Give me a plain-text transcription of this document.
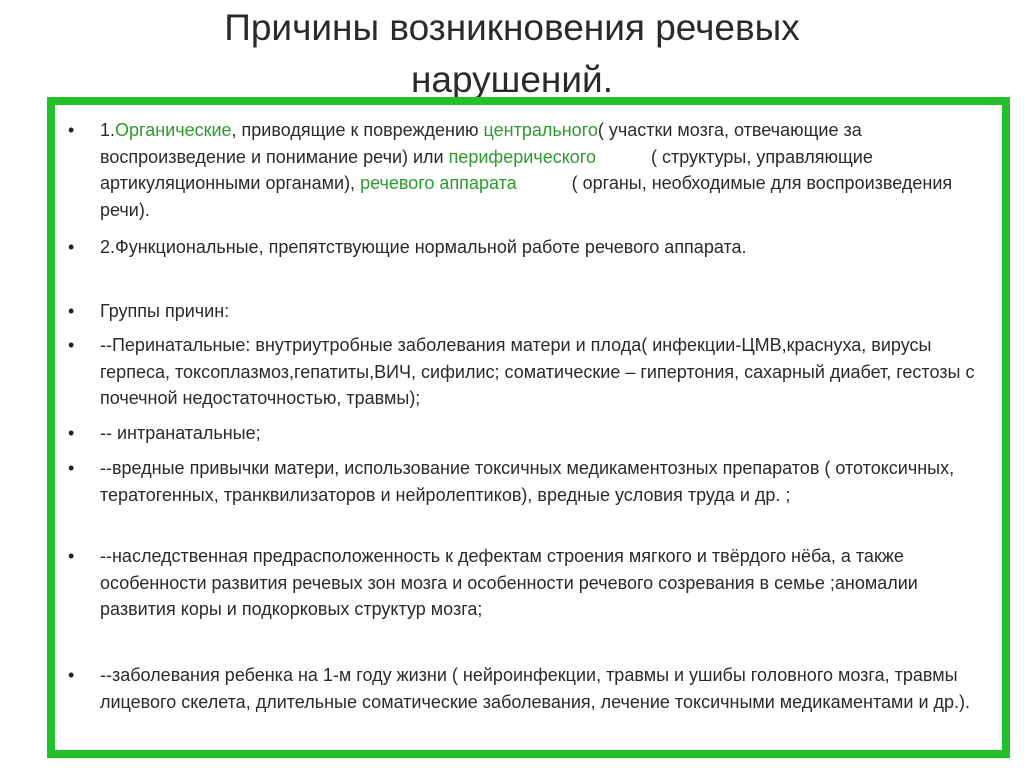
Причины возникновения речевых
нарушений.
• 1.Органические, приводящие к повреждению центрального( участки мозга, отвечающие за воспроизведение и понимание речи) или периферического           ( структуры, управляющие артикуляционными органами), речевого аппарата           ( органы, необходимые для воспроизведения  речи).
• 2.Функциональные, препятствующие нормальной работе речевого аппарата.
• Группы причин:
• --Перинатальные: внутриутробные заболевания матери и плода( инфекции-ЦМВ,краснуха, вирусы герпеса, токсоплазмоз,гепатиты,ВИЧ, сифилис; соматические – гипертония, сахарный диабет, гестозы с почечной недостаточностью, травмы);
• -- интранатальные;
• --вредные привычки матери, использование токсичных медикаментозных препаратов ( ототоксичных, тератогенных, транквилизаторов и нейролептиков), вредные условия труда и др. ;
• --наследственная предрасположенность к дефектам строения мягкого и твёрдого нёба, а также особенности развития речевых зон мозга и особенности речевого созревания в семье ;аномалии развития коры и подкорковых структур мозга;
• --заболевания ребенка на 1-м году жизни ( нейроинфекции, травмы и ушибы головного мозга, травмы лицевого скелета, длительные соматические заболевания, лечение токсичными медикаментами и др.).
